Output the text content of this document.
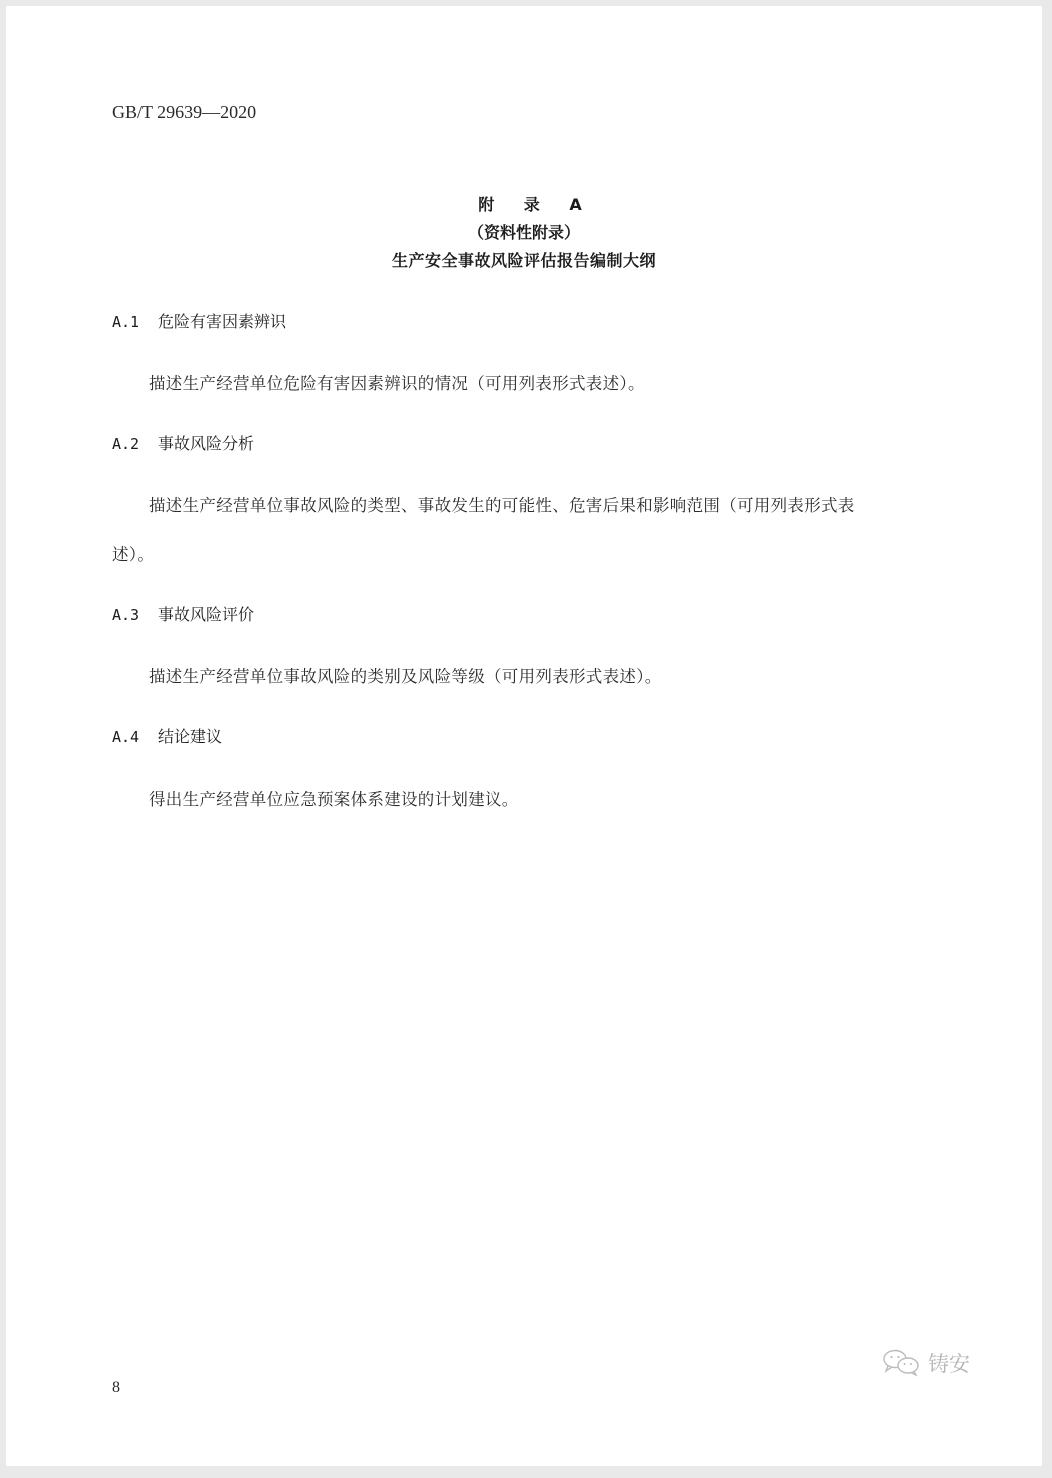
GB/T 29639—2020
附 录 A
（资料性附录）
生产安全事故风险评估报告编制大纲
A.1 危险有害因素辨识
描述生产经营单位危险有害因素辨识的情况（可用列表形式表述）。
A.2 事故风险分析
描述生产经营单位事故风险的类型、事故发生的可能性、危害后果和影响范围（可用列表形式表
述）。
A.3 事故风险评价
描述生产经营单位事故风险的类别及风险等级（可用列表形式表述）。
A.4 结论建议
得出生产经营单位应急预案体系建设的计划建议。
铸安
8
